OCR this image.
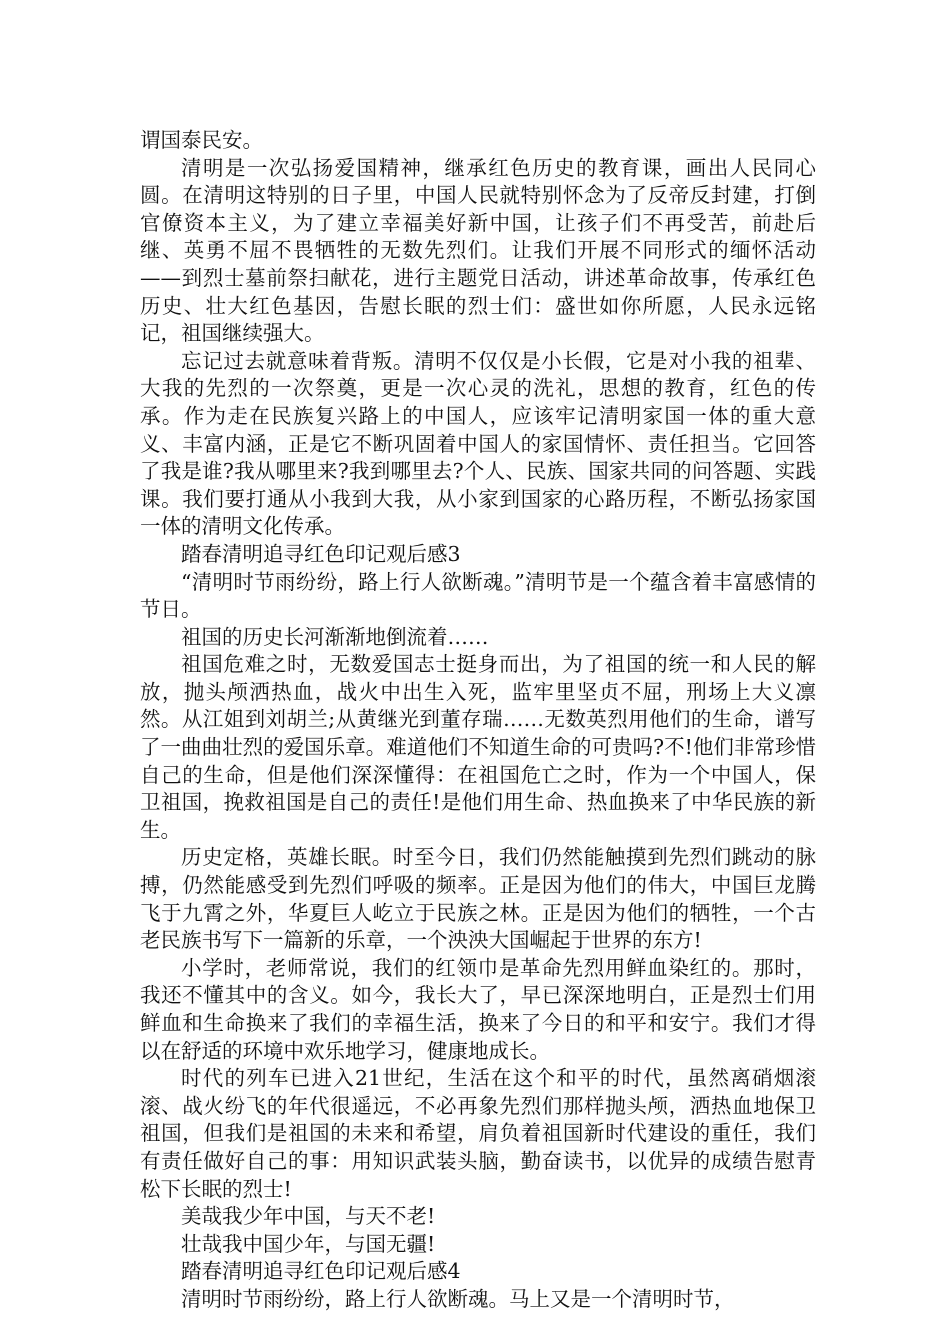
谓国泰民安。

清明是一次弘扬爱国精神，继承红色历史的教育课，画出人民同心圆。在清明这特别的日子里，中国人民就特别怀念为了反帝反封建，打倒官僚资本主义，为了建立幸福美好新中国，让孩子们不再受苦，前赴后继、英勇不屈不畏牺牲的无数先烈们。让我们开展不同形式的缅怀活动——到烈士墓前祭扫献花，进行主题党日活动，讲述革命故事，传承红色历史、壮大红色基因，告慰长眠的烈士们：盛世如你所愿，人民永远铭记，祖国继续强大。

忘记过去就意味着背叛。清明不仅仅是小长假，它是对小我的祖辈、大我的先烈的一次祭奠，更是一次心灵的洗礼，思想的教育，红色的传承。作为走在民族复兴路上的中国人，应该牢记清明家国一体的重大意义、丰富内涵，正是它不断巩固着中国人的家国情怀、责任担当。它回答了我是谁?我从哪里来?我到哪里去?个人、民族、国家共同的问答题、实践课。我们要打通从小我到大我，从小家到国家的心路历程，不断弘扬家国一体的清明文化传承。

踏春清明追寻红色印记观后感3

“清明时节雨纷纷，路上行人欲断魂。”清明节是一个蕴含着丰富感情的节日。

祖国的历史长河渐渐地倒流着……

祖国危难之时，无数爱国志士挺身而出，为了祖国的统一和人民的解放，抛头颅洒热血，战火中出生入死，监牢里坚贞不屈，刑场上大义凛然。从江姐到刘胡兰;从黄继光到董存瑞……无数英烈用他们的生命，谱写了一曲曲壮烈的爱国乐章。难道他们不知道生命的可贵吗?不!他们非常珍惜自己的生命，但是他们深深懂得：在祖国危亡之时，作为一个中国人，保卫祖国，挽救祖国是自己的责任!是他们用生命、热血换来了中华民族的新生。

历史定格，英雄长眠。时至今日，我们仍然能触摸到先烈们跳动的脉搏，仍然能感受到先烈们呼吸的频率。正是因为他们的伟大，中国巨龙腾飞于九霄之外，华夏巨人屹立于民族之林。正是因为他们的牺牲，一个古老民族书写下一篇新的乐章，一个泱泱大国崛起于世界的东方!

小学时，老师常说，我们的红领巾是革命先烈用鲜血染红的。那时，我还不懂其中的含义。如今，我长大了，早已深深地明白，正是烈士们用鲜血和生命换来了我们的幸福生活，换来了今日的和平和安宁。我们才得以在舒适的环境中欢乐地学习，健康地成长。

时代的列车已进入21世纪，生活在这个和平的时代，虽然离硝烟滚滚、战火纷飞的年代很遥远，不必再象先烈们那样抛头颅，洒热血地保卫祖国，但我们是祖国的未来和希望，肩负着祖国新时代建设的重任，我们有责任做好自己的事：用知识武装头脑，勤奋读书，以优异的成绩告慰青松下长眠的烈士!

美哉我少年中国，与天不老!

壮哉我中国少年，与国无疆!

踏春清明追寻红色印记观后感4

清明时节雨纷纷，路上行人欲断魂。马上又是一个清明时节，
